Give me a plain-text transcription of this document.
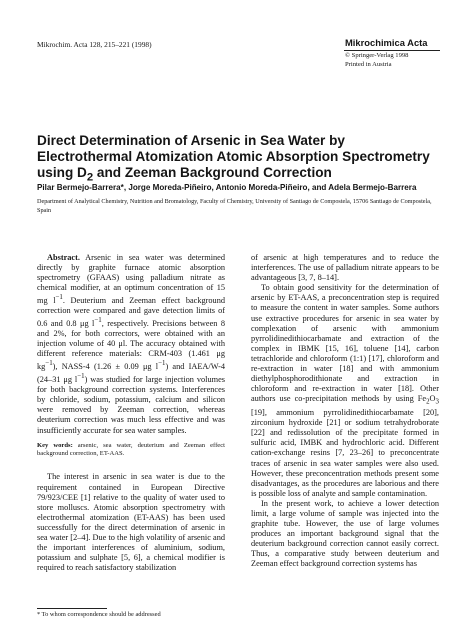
Mikrochim. Acta 128, 215–221 (1998)	Mikrochimica Acta
© Springer-Verlag 1998
Printed in Austria
Direct Determination of Arsenic in Sea Water by Electrothermal Atomization Atomic Absorption Spectrometry using $D_2$ and Zeeman Background Correction
Pilar Bermejo-Barrera*, Jorge Moreda-Piñeiro, Antonio Moreda-Piñeiro, and Adela Bermejo-Barrera
Department of Analytical Chemistry, Nutrition and Bromatology, Faculty of Chemistry, University of Santiago de Compostela, 15706 Santiago de Compostela, Spain

Abstract. Arsenic in sea water was determined directly by graphite furnace atomic absorption spectrometry (GFAAS) using palladium nitrate as chemical modifier, at an optimum concentration of 15 mg $l^{-1}$. Deuterium and Zeeman effect background correction were compared and gave detection limits of 0.6 and 0.8 μg $l^{-1}$, respectively. Precisions between 8 and 2%, for both correctors, were obtained with an injection volume of 40 μl. The accuracy obtained with different reference materials: CRM-403 (1.461 μg $kg^{-1}$), NASS-4 (1.26 ± 0.09 μg $l^{-1}$) and IAEA/W-4 (24–31 μg $l^{-1}$) was studied for large injection volumes for both background correction systems. Interferences by chloride, sodium, potassium, calcium and silicon were removed by Zeeman correction, whereas deuterium correction was much less effective and was insufficiently accurate for sea water samples.

Key words: arsenic, sea water, deuterium and Zeeman effect background correction, ET-AAS.

The interest in arsenic in sea water is due to the requirement contained in European Directive 79/923/CEE [1] relative to the quality of water used to store molluscs. Atomic absorption spectrometry with electrothermal atomization (ET-AAS) has been used successfully for the direct determination of arsenic in sea water [2–4]. Due to the high volatility of arsenic and the important interferences of aluminium, sodium, potassium and sulphate [5, 6], a chemical modifier is required to reach satisfactory stabilization

of arsenic at high temperatures and to reduce the interferences. The use of palladium nitrate appears to be advantageous [3, 7, 8–14].

To obtain good sensitivity for the determination of arsenic by ET-AAS, a preconcentration step is required to measure the content in water samples. Some authors use extractive procedures for arsenic in sea water by complexation of arsenic with ammonium pyrrolidinedithiocarbamate and extraction of the complex in IBMK [15, 16], toluene [14], carbon tetrachloride and chloroform (1:1) [17], chloroform and re-extraction in water [18] and with ammonium diethylphosphorodithionate and extraction in chloroform and re-extraction in water [18]. Other authors use co-precipitation methods by using $Fe_2O_3$ [19], ammonium pyrrolidinedithiocarbamate [20], zirconium hydroxide [21] or sodium tetrahydroborate [22] and redissolution of the precipitate formed in sulfuric acid, IMBK and hydrochloric acid. Different cation-exchange resins [7, 23–26] to preconcentrate traces of arsenic in sea water samples were also used. However, these preconcentration methods present some disadvantages, as the procedures are laborious and there is possible loss of analyte and sample contamination.

In the present work, to achieve a lower detection limit, a large volume of sample was injected into the graphite tube. However, the use of large volumes produces an important background signal that the deuterium background correction cannot easily correct. Thus, a comparative study between deuterium and Zeeman effect background correction systems has

* To whom correspondence should be addressed
